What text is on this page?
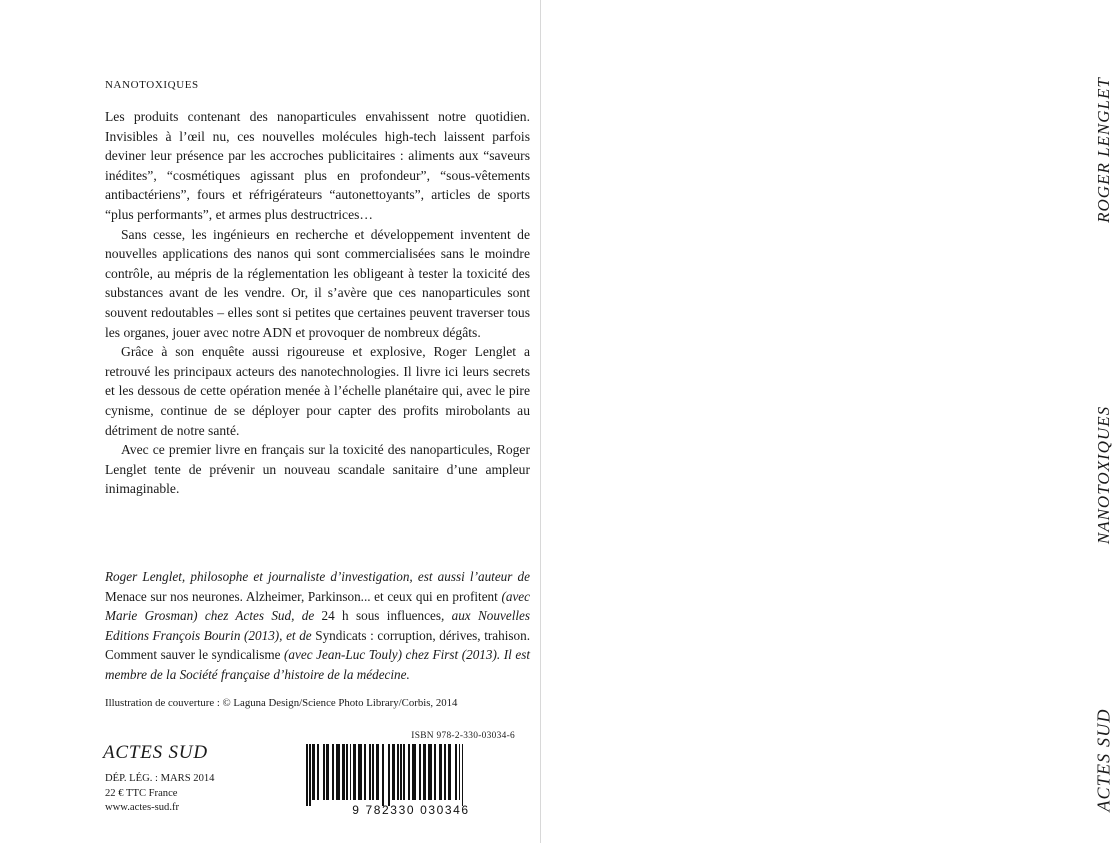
NANOTOXIQUES

Les produits contenant des nanoparticules envahissent notre quotidien. Invisibles à l’œil nu, ces nouvelles molécules high-tech laissent parfois deviner leur présence par les accroches publicitaires : aliments aux “saveurs inédites”, “cosmétiques agissant plus en profondeur”, “sous-vêtements antibactériens”, fours et réfrigérateurs “autonettoyants”, articles de sports “plus performants”, et armes plus destructrices…

Sans cesse, les ingénieurs en recherche et développement inventent de nouvelles applications des nanos qui sont commercialisées sans le moindre contrôle, au mépris de la réglementation les obligeant à tester la toxicité des substances avant de les vendre. Or, il s’avère que ces nanoparticules sont souvent redoutables – elles sont si petites que certaines peuvent traverser tous les organes, jouer avec notre ADN et provoquer de nombreux dégâts.

Grâce à son enquête aussi rigoureuse et explosive, Roger Lenglet a retrouvé les principaux acteurs des nanotechnologies. Il livre ici leurs secrets et les dessous de cette opération menée à l’échelle planétaire qui, avec le pire cynisme, continue de se déployer pour capter des profits mirobolants au détriment de notre santé.

Avec ce premier livre en français sur la toxicité des nanoparticules, Roger Lenglet tente de prévenir un nouveau scandale sanitaire d’une ampleur inimaginable.

Roger Lenglet, philosophe et journaliste d’investigation, est aussi l’auteur de Menace sur nos neurones. Alzheimer, Parkinson... et ceux qui en profitent (avec Marie Grosman) chez Actes Sud, de 24 h sous influences, aux Nouvelles Editions François Bourin (2013), et de Syndicats : corruption, dérives, trahison. Comment sauver le syndicalisme (avec Jean-Luc Touly) chez First (2013). Il est membre de la Société française d’histoire de la médecine.
Illustration de couverture : © Laguna Design/Science Photo Library/Corbis, 2014
ACTES SUD
DÉP. LÉG. : MARS 2014
22 € TTC France
www.actes-sud.fr
ISBN 978-2-330-03034-6
9 782330 030346
ROGER LENGLET
NANOTOXIQUES
ACTES SUD
